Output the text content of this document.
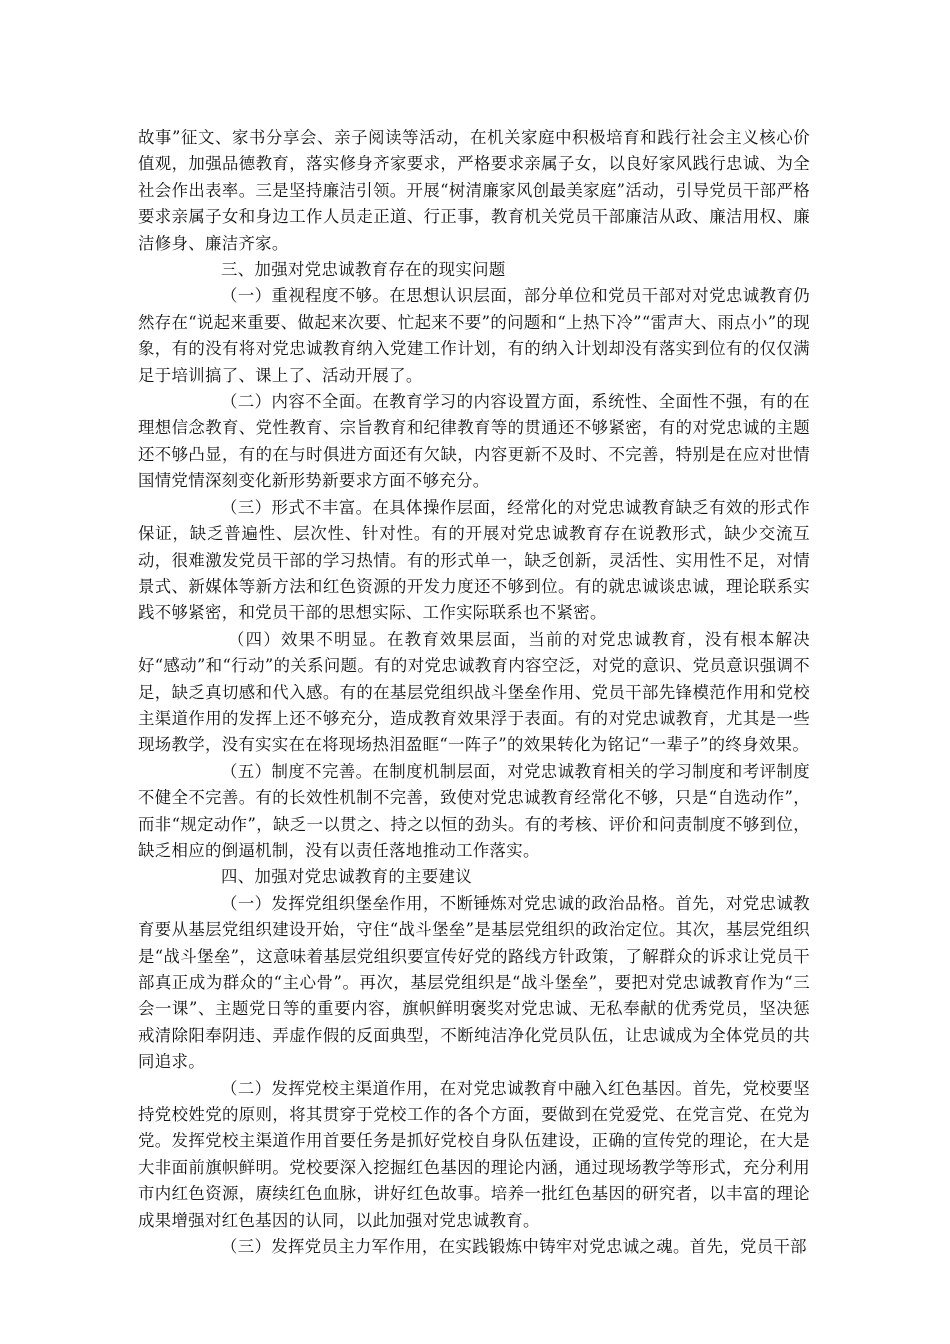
故事”征文、家书分享会、亲子阅读等活动，在机关家庭中积极培育和践行社会主义核心价值观，加强品德教育，落实修身齐家要求，严格要求亲属子女，以良好家风践行忠诚、为全社会作出表率。三是坚持廉洁引领。开展“树清廉家风创最美家庭”活动，引导党员干部严格要求亲属子女和身边工作人员走正道、行正事，教育机关党员干部廉洁从政、廉洁用权、廉洁修身、廉洁齐家。

三、加强对党忠诚教育存在的现实问题

（一）重视程度不够。在思想认识层面，部分单位和党员干部对对党忠诚教育仍然存在“说起来重要、做起来次要、忙起来不要”的问题和“上热下冷”“雷声大、雨点小”的现象，有的没有将对党忠诚教育纳入党建工作计划，有的纳入计划却没有落实到位有的仅仅满足于培训搞了、课上了、活动开展了。

（二）内容不全面。在教育学习的内容设置方面，系统性、全面性不强，有的在理想信念教育、党性教育、宗旨教育和纪律教育等的贯通还不够紧密，有的对党忠诚的主题还不够凸显，有的在与时俱进方面还有欠缺，内容更新不及时、不完善，特别是在应对世情国情党情深刻变化新形势新要求方面不够充分。

（三）形式不丰富。在具体操作层面，经常化的对党忠诚教育缺乏有效的形式作保证，缺乏普遍性、层次性、针对性。有的开展对党忠诚教育存在说教形式，缺少交流互动，很难激发党员干部的学习热情。有的形式单一，缺乏创新，灵活性、实用性不足，对情景式、新媒体等新方法和红色资源的开发力度还不够到位。有的就忠诚谈忠诚，理论联系实践不够紧密，和党员干部的思想实际、工作实际联系也不紧密。

（四）效果不明显。在教育效果层面，当前的对党忠诚教育，没有根本解决好“感动”和“行动”的关系问题。有的对党忠诚教育内容空泛，对党的意识、党员意识强调不足，缺乏真切感和代入感。有的在基层党组织战斗堡垒作用、党员干部先锋模范作用和党校主渠道作用的发挥上还不够充分，造成教育效果浮于表面。有的对党忠诚教育，尤其是一些现场教学，没有实实在在将现场热泪盈眶“一阵子”的效果转化为铭记“一辈子”的终身效果。

（五）制度不完善。在制度机制层面，对党忠诚教育相关的学习制度和考评制度不健全不完善。有的长效性机制不完善，致使对党忠诚教育经常化不够，只是“自选动作”，而非“规定动作”，缺乏一以贯之、持之以恒的劲头。有的考核、评价和问责制度不够到位，缺乏相应的倒逼机制，没有以责任落地推动工作落实。

四、加强对党忠诚教育的主要建议

（一）发挥党组织堡垒作用，不断锤炼对党忠诚的政治品格。首先，对党忠诚教育要从基层党组织建设开始，守住“战斗堡垒”是基层党组织的政治定位。其次，基层党组织是“战斗堡垒”，这意味着基层党组织要宣传好党的路线方针政策，了解群众的诉求让党员干部真正成为群众的“主心骨”。再次，基层党组织是“战斗堡垒”，要把对党忠诚教育作为“三会一课”、主题党日等的重要内容，旗帜鲜明褒奖对党忠诚、无私奉献的优秀党员，坚决惩戒清除阳奉阴违、弄虚作假的反面典型，不断纯洁净化党员队伍，让忠诚成为全体党员的共同追求。

（二）发挥党校主渠道作用，在对党忠诚教育中融入红色基因。首先，党校要坚持党校姓党的原则，将其贯穿于党校工作的各个方面，要做到在党爱党、在党言党、在党为党。发挥党校主渠道作用首要任务是抓好党校自身队伍建设，正确的宣传党的理论，在大是大非面前旗帜鲜明。党校要深入挖掘红色基因的理论内涵，通过现场教学等形式，充分利用市内红色资源，赓续红色血脉，讲好红色故事。培养一批红色基因的研究者，以丰富的理论成果增强对红色基因的认同，以此加强对党忠诚教育。

（三）发挥党员主力军作用，在实践锻炼中铸牢对党忠诚之魂。首先，党员干部
